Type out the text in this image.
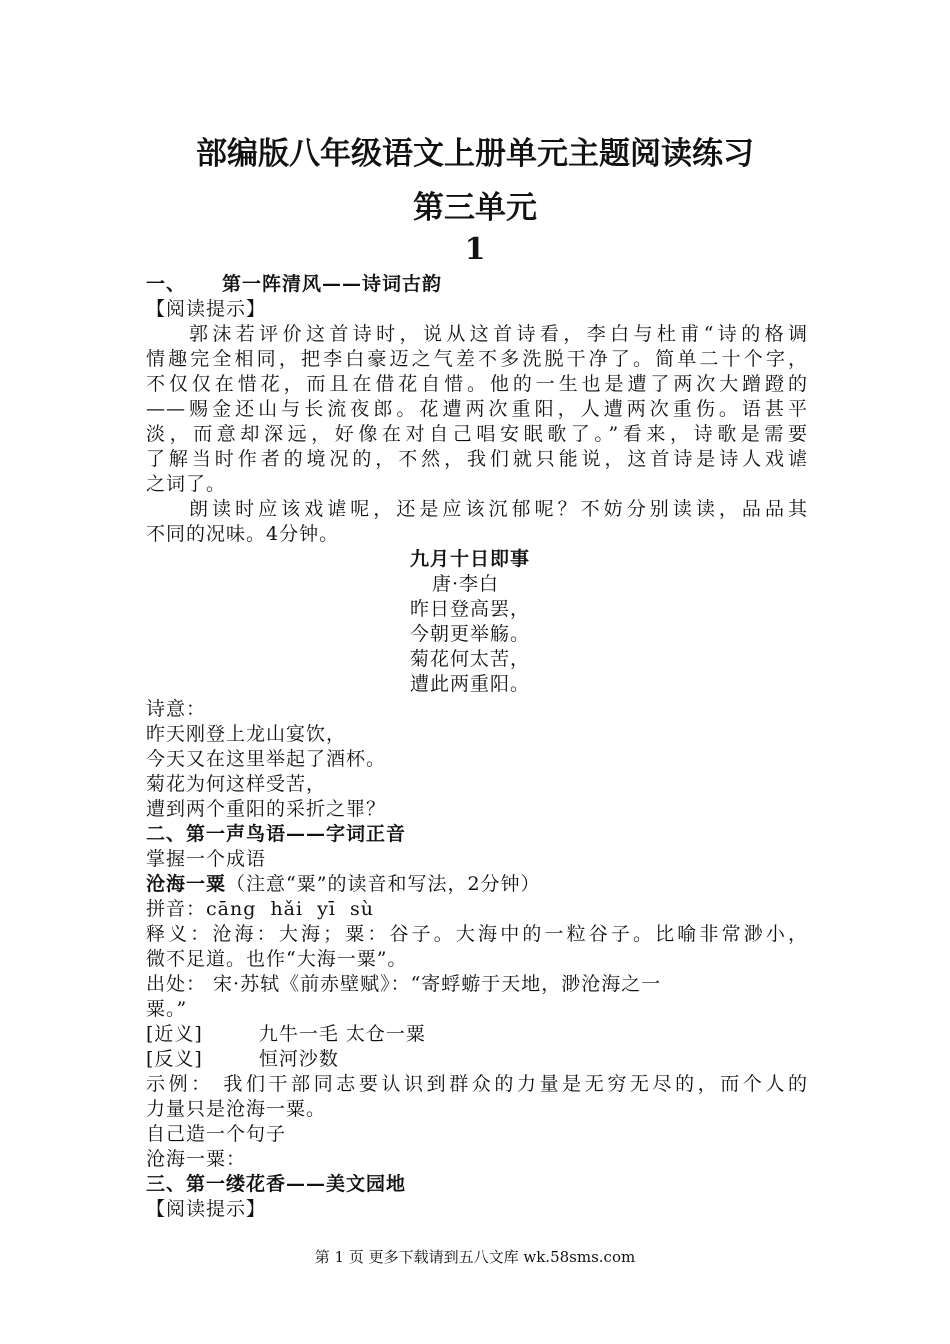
部编版八年级语文上册单元主题阅读练习
第三单元
1
一、 第一阵清风——诗词古韵
【阅读提示】
郭沫若评价这首诗时，说从这首诗看，李白与杜甫“诗的格调
情趣完全相同，把李白豪迈之气差不多洗脱干净了。简单二十个字，
不仅仅在惜花，而且在借花自惜。他的一生也是遭了两次大蹭蹬的
——赐金还山与长流夜郎。花遭两次重阳，人遭两次重伤。语甚平
淡，而意却深远，好像在对自己唱安眠歌了。”看来，诗歌是需要
了解当时作者的境况的，不然，我们就只能说，这首诗是诗人戏谑
之词了。
朗读时应该戏谑呢，还是应该沉郁呢？不妨分别读读，品品其
不同的况味。4分钟。
九月十日即事
唐·李白
昨日登高罢，
今朝更举觞。
菊花何太苦，
遭此两重阳。
诗意：
昨天刚登上龙山宴饮，
今天又在这里举起了酒杯。
菊花为何这样受苦，
遭到两个重阳的采折之罪？
二、第一声鸟语——字词正音
掌握一个成语
沧海一粟（注意“粟”的读音和写法，2分钟）
拼音：cāng  hǎi  yī  sù
释义：沧海：大海；粟：谷子。大海中的一粒谷子。比喻非常渺小，
微不足道。也作“大海一粟”。
出处： 宋·苏轼《前赤壁赋》：“寄蜉蝣于天地，渺沧海之一
粟。”
[近义]	九牛一毛 太仓一粟
[反义]	恒河沙数
示例： 我们干部同志要认识到群众的力量是无穷无尽的，而个人的
力量只是沧海一粟。
自己造一个句子
沧海一粟：
三、第一缕花香——美文园地
【阅读提示】
第 1 页 更多下载请到五八文库 wk.58sms.com
